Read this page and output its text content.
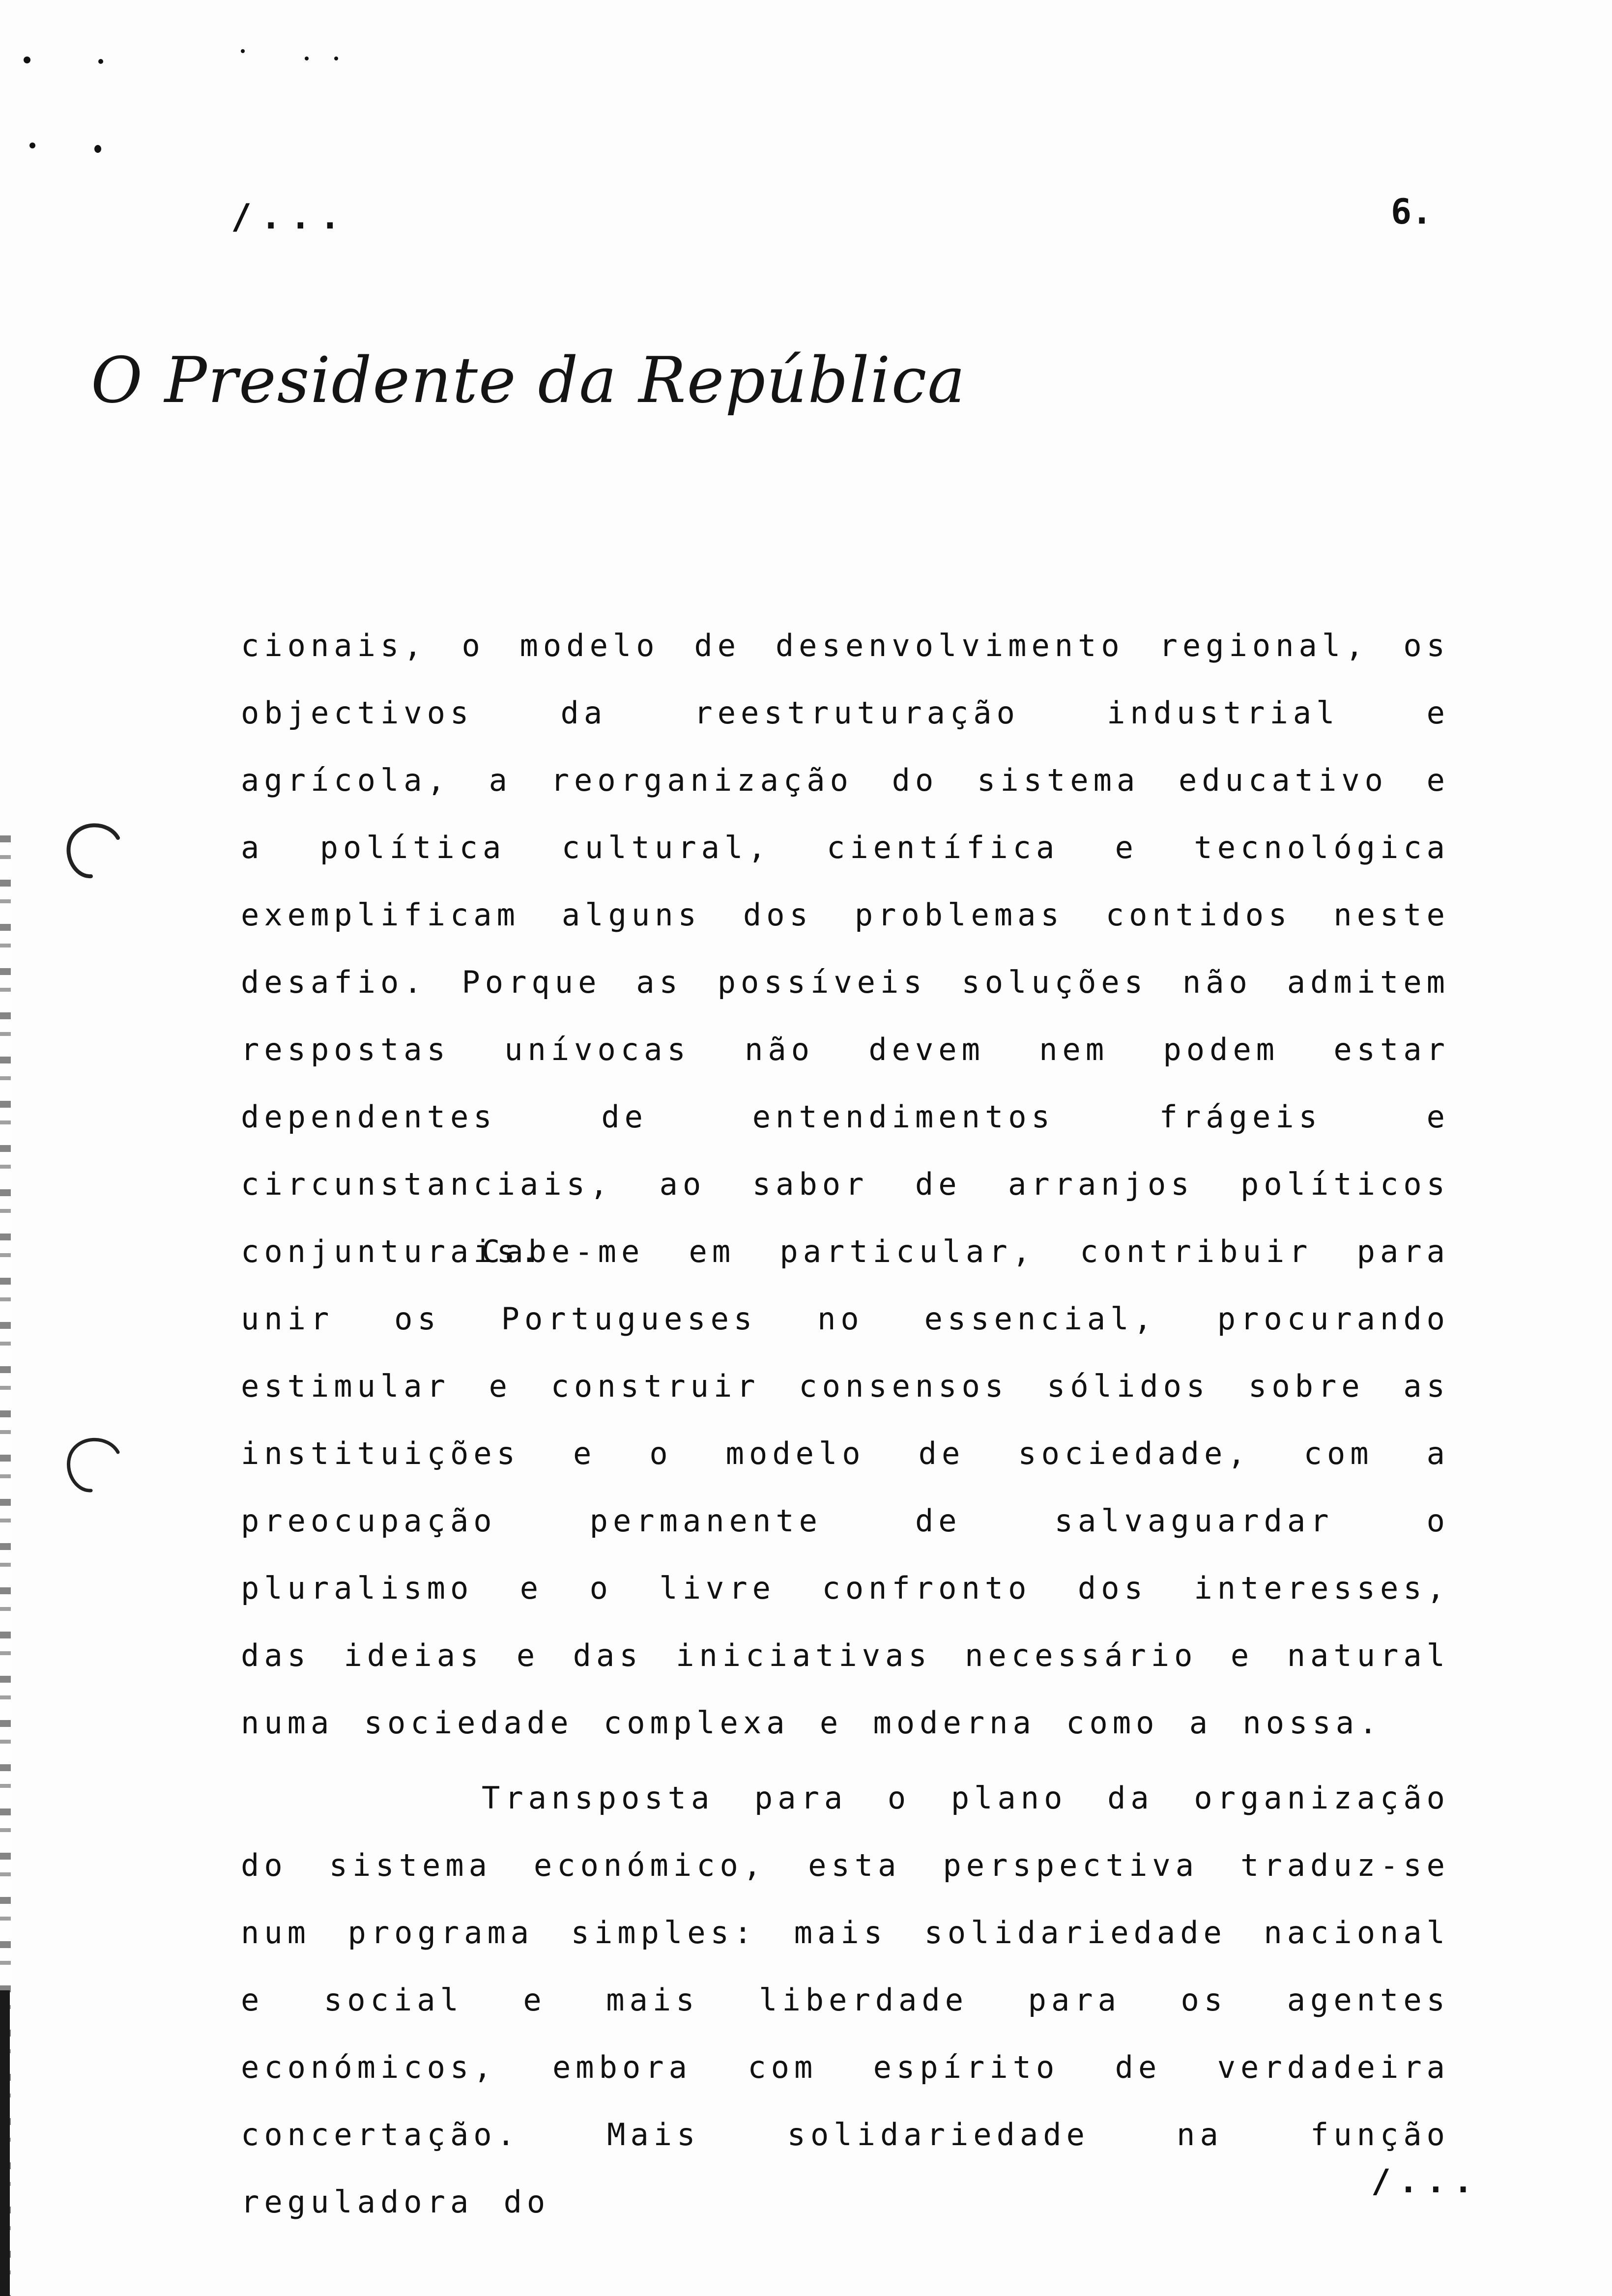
/...	6.
O Presidente da República

cionais, o modelo de desenvolvimento regional, os objectivos da reestruturação industrial e agrícola, a reorganização do sistema educativo e a política cultural, científica e tecnológica exemplificam alguns dos problemas contidos neste desafio. Porque as possíveis soluções não admitem respostas unívocas não devem nem podem estar dependentes de entendimentos frágeis e circunstanciais, ao sabor de arranjos políticos conjunturais.

Cabe-me em particular, contribuir para unir os Portugueses no essencial, procurando estimular e construir consensos sólidos sobre as instituições e o modelo de sociedade, com a preocupação permanente de salvaguardar o pluralismo e o livre confronto dos interesses, das ideias e das iniciativas necessário e natural numa sociedade complexa e moderna como a nossa.

Transposta para o plano da organização do sistema económico, esta perspectiva traduz-se num programa simples: mais solidariedade nacional e social e mais liberdade para os agentes económicos, embora com espírito de verdadeira concertação. Mais solidariedade na função reguladora do

/...
